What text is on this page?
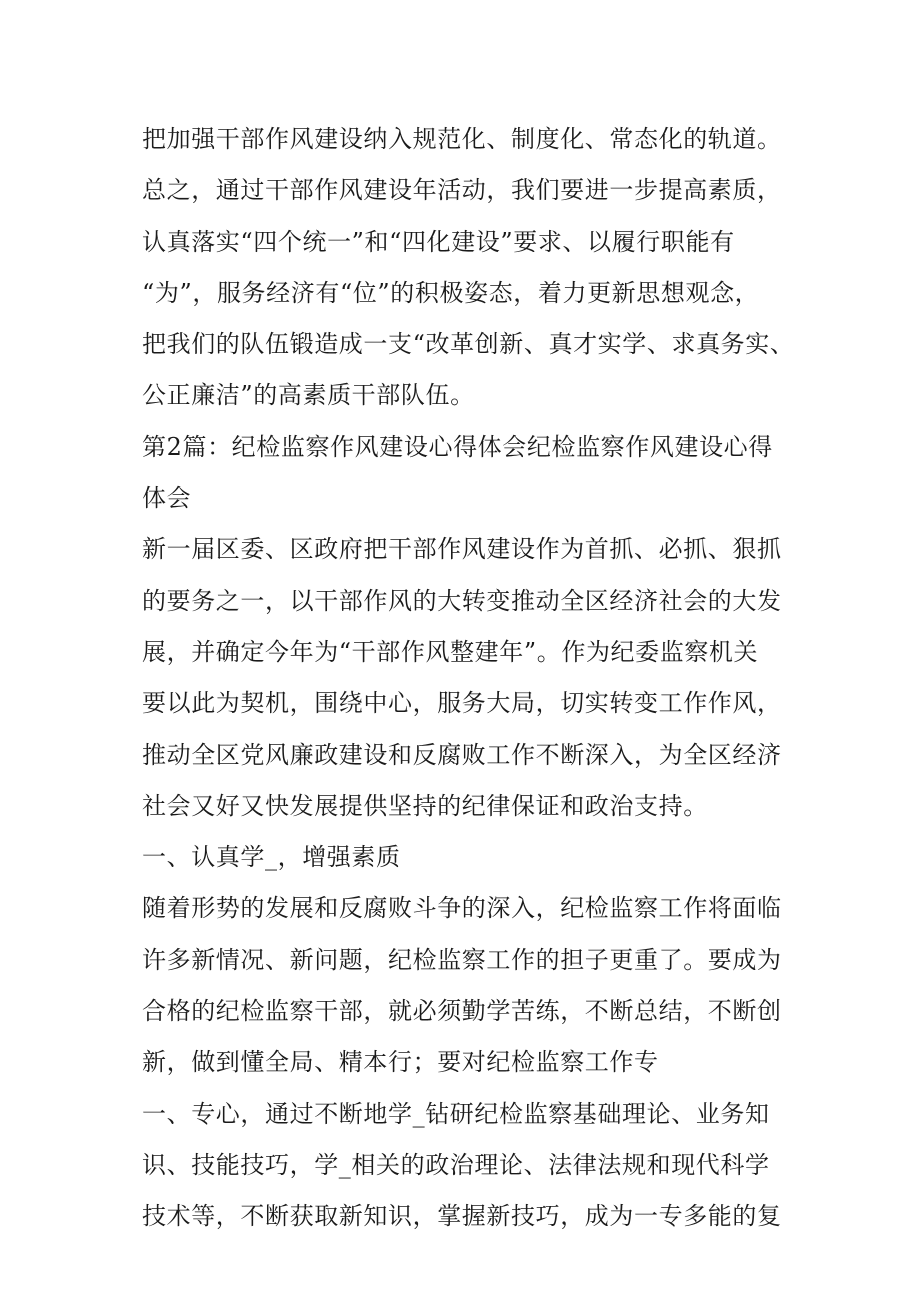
把加强干部作风建设纳入规范化、制度化、常态化的轨道。
总之，通过干部作风建设年活动，我们要进一步提高素质，
认真落实“四个统一”和“四化建设”要求、以履行职能有
“为”，服务经济有“位”的积极姿态，着力更新思想观念，
把我们的队伍锻造成一支“改革创新、真才实学、求真务实、
公正廉洁”的高素质干部队伍。
第2篇：纪检监察作风建设心得体会纪检监察作风建设心得
体会
新一届区委、区政府把干部作风建设作为首抓、必抓、狠抓
的要务之一，以干部作风的大转变推动全区经济社会的大发
展，并确定今年为“干部作风整建年”。作为纪委监察机关
要以此为契机，围绕中心，服务大局，切实转变工作作风，
推动全区党风廉政建设和反腐败工作不断深入，为全区经济
社会又好又快发展提供坚持的纪律保证和政治支持。
一、认真学_，增强素质
随着形势的发展和反腐败斗争的深入，纪检监察工作将面临
许多新情况、新问题，纪检监察工作的担子更重了。要成为
合格的纪检监察干部，就必须勤学苦练，不断总结，不断创
新，做到懂全局、精本行；要对纪检监察工作专
一、专心，通过不断地学_钻研纪检监察基础理论、业务知
识、技能技巧，学_相关的政治理论、法律法规和现代科学
技术等，不断获取新知识，掌握新技巧，成为一专多能的复
